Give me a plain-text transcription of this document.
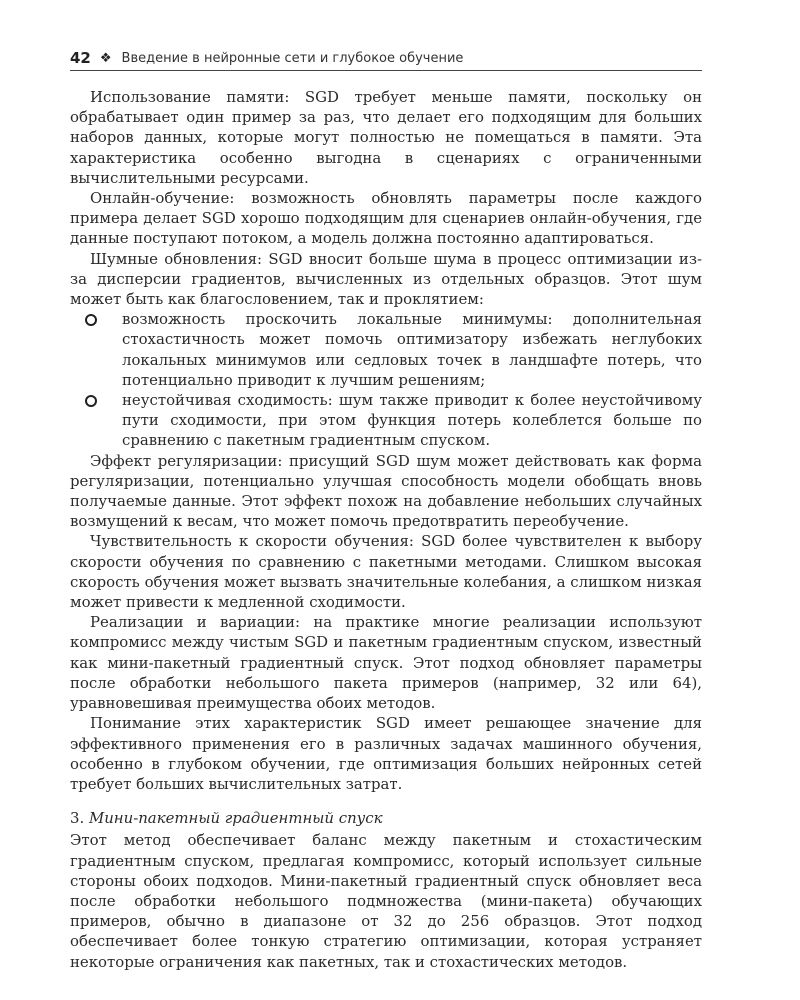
42 ❖ Введение в нейронные сети и глубокое обучение

Использование памяти: SGD требует меньше памяти, поскольку он обрабатывает один пример за раз, что делает его подходящим для больших наборов данных, которые могут полностью не помещаться в памяти. Эта характеристика особенно выгодна в сценариях с ограниченными вычислительными ресурсами.

Онлайн-обучение: возможность обновлять параметры после каждого примера делает SGD хорошо подходящим для сценариев онлайн-обучения, где данные поступают потоком, а модель должна постоянно адаптироваться.

Шумные обновления: SGD вносит больше шума в процесс оптимизации из-за дисперсии градиентов, вычисленных из отдельных образцов. Этот шум может быть как благословением, так и проклятием:

возможность проскочить локальные минимумы: дополнительная стохастичность может помочь оптимизатору избежать неглубоких локальных минимумов или седловых точек в ландшафте потерь, что потенциально приводит к лучшим решениям;
неустойчивая сходимость: шум также приводит к более неустойчивому пути сходимости, при этом функция потерь колеблется больше по сравнению с пакетным градиентным спуском.

Эффект регуляризации: присущий SGD шум может действовать как форма регуляризации, потенциально улучшая способность модели обобщать вновь получаемые данные. Этот эффект похож на добавление небольших случайных возмущений к весам, что может помочь предотвратить переобучение.

Чувствительность к скорости обучения: SGD более чувствителен к выбору скорости обучения по сравнению с пакетными методами. Слишком высокая скорость обучения может вызвать значительные колебания, а слишком низкая может привести к медленной сходимости.

Реализации и вариации: на практике многие реализации используют компромисс между чистым SGD и пакетным градиентным спуском, известный как мини-пакетный градиентный спуск. Этот подход обновляет параметры после обработки небольшого пакета примеров (например, 32 или 64), уравновешивая преимущества обоих методов.

Понимание этих характеристик SGD имеет решающее значение для эффективного применения его в различных задачах машинного обучения, особенно в глубоком обучении, где оптимизация больших нейронных сетей требует больших вычислительных затрат.

3. Мини-пакетный градиентный спуск

Этот метод обеспечивает баланс между пакетным и стохастическим градиентным спуском, предлагая компромисс, который использует сильные стороны обоих подходов. Мини-пакетный градиентный спуск обновляет веса после обработки небольшого подмножества (мини-пакета) обучающих примеров, обычно в диапазоне от 32 до 256 образцов. Этот подход обеспечивает более тонкую стратегию оптимизации, которая устраняет некоторые ограничения как пакетных, так и стохастических методов.
